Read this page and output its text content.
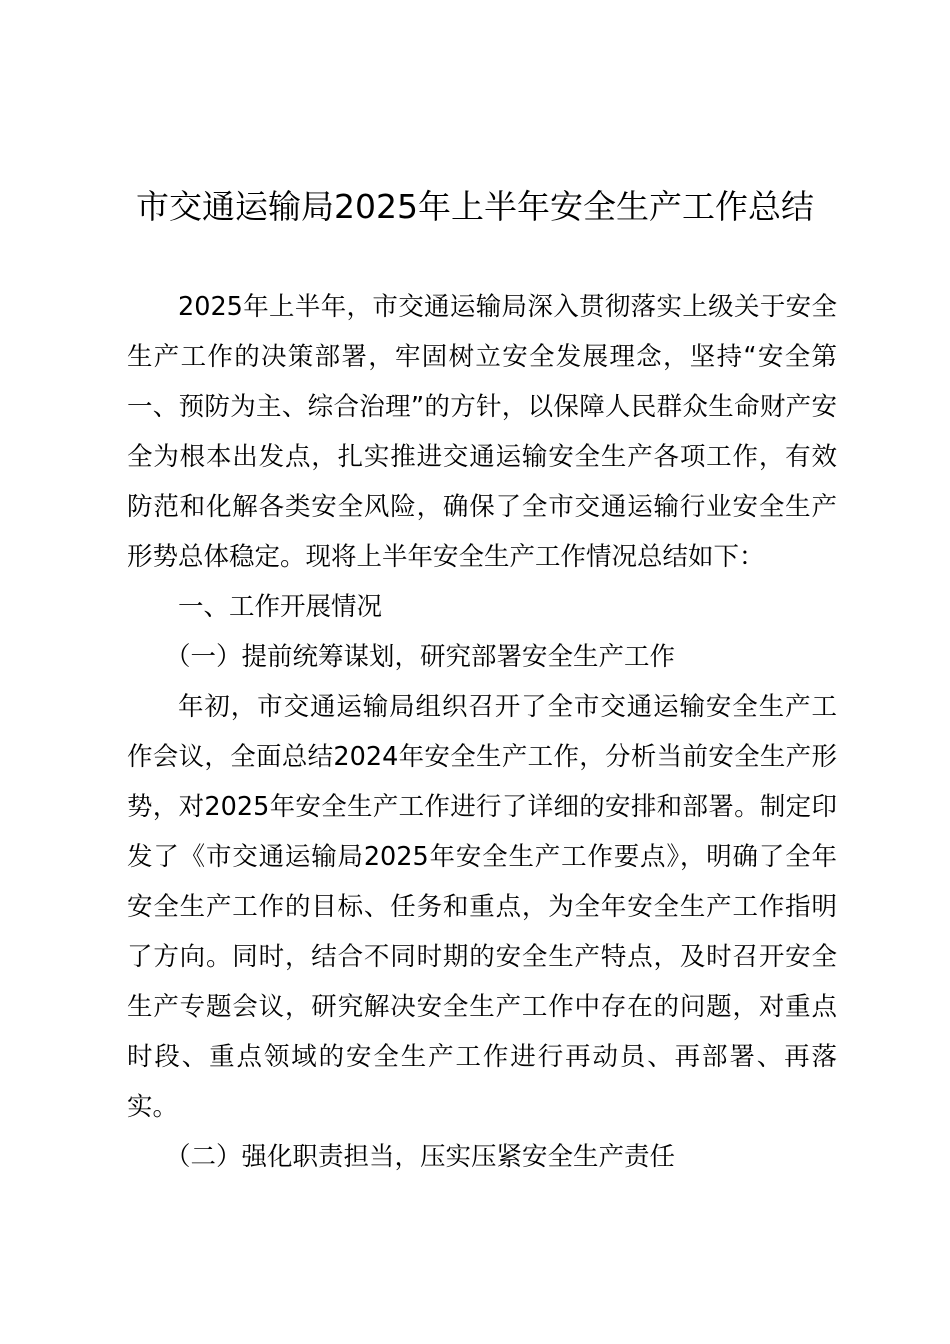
市交通运输局2025年上半年安全生产工作总结

2025年上半年，市交通运输局深入贯彻落实上级关于安全生产工作的决策部署，牢固树立安全发展理念，坚持“安全第一、预防为主、综合治理”的方针，以保障人民群众生命财产安全为根本出发点，扎实推进交通运输安全生产各项工作，有效防范和化解各类安全风险，确保了全市交通运输行业安全生产形势总体稳定。现将上半年安全生产工作情况总结如下：

一、工作开展情况

（一）提前统筹谋划，研究部署安全生产工作

年初，市交通运输局组织召开了全市交通运输安全生产工作会议，全面总结2024年安全生产工作，分析当前安全生产形势，对2025年安全生产工作进行了详细的安排和部署。制定印发了《市交通运输局2025年安全生产工作要点》，明确了全年安全生产工作的目标、任务和重点，为全年安全生产工作指明了方向。同时，结合不同时期的安全生产特点，及时召开安全生产专题会议，研究解决安全生产工作中存在的问题，对重点时段、重点领域的安全生产工作进行再动员、再部署、再落实。

（二）强化职责担当，压实压紧安全生产责任
